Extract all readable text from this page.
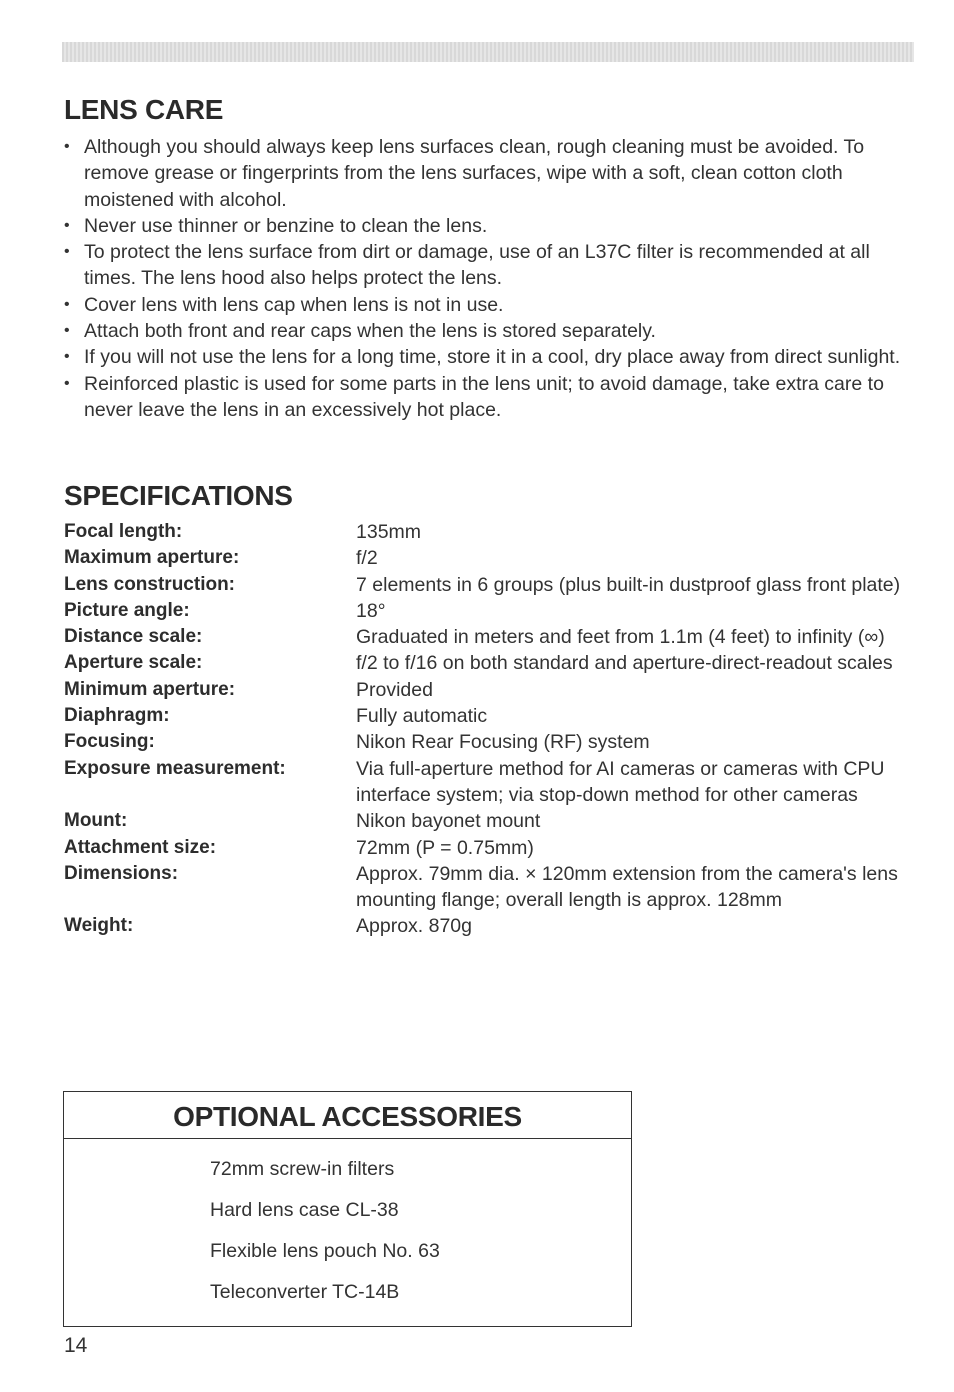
LENS CARE
• Although you should always keep lens surfaces clean, rough cleaning must be avoided. To remove grease or fingerprints from the lens surfaces, wipe with a soft, clean cotton cloth moistened with alcohol.
• Never use thinner or benzine to clean the lens.
• To protect the lens surface from dirt or damage, use of an L37C filter is recommended at all times. The lens hood also helps protect the lens.
• Cover lens with lens cap when lens is not in use.
• Attach both front and rear caps when the lens is stored separately.
• If you will not use the lens for a long time, store it in a cool, dry place away from direct sunlight.
• Reinforced plastic is used for some parts in the lens unit; to avoid damage, take extra care to never leave the lens in an excessively hot place.
SPECIFICATIONS
Focal length:	135mm
Maximum aperture:	f/2
Lens construction:	7 elements in 6 groups (plus built-in dustproof glass front plate)
Picture angle:	18°
Distance scale:	Graduated in meters and feet from 1.1m (4 feet) to infinity (∞)
Aperture scale:	f/2 to f/16 on both standard and aperture-direct-readout scales
Minimum aperture:	Provided
Diaphragm:	Fully automatic
Focusing:	Nikon Rear Focusing (RF) system
Exposure measurement:	Via full-aperture method for AI cameras or cameras with CPU interface system; via stop-down method for other cameras
Mount:	Nikon bayonet mount
Attachment size:	72mm (P = 0.75mm)
Dimensions:	Approx. 79mm dia. × 120mm extension from the camera's lens mounting flange; overall length is approx. 128mm
Weight:	Approx. 870g
OPTIONAL ACCESSORIES
72mm screw-in filters
Hard lens case CL-38
Flexible lens pouch No. 63
Teleconverter TC-14B
14
